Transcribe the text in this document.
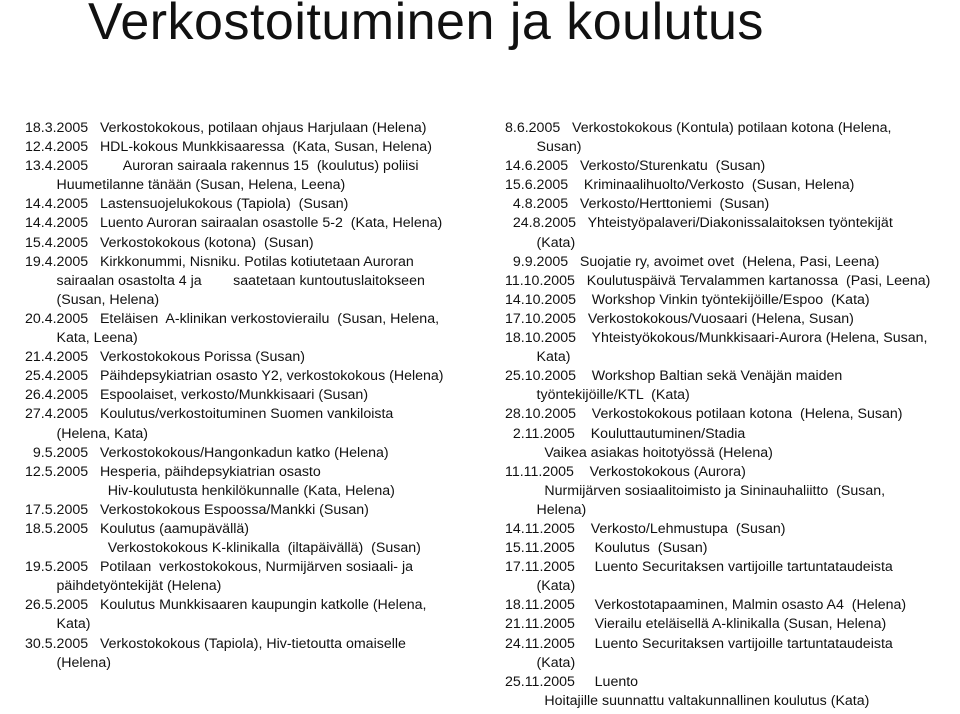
Verkostoituminen ja koulutus
18.3.2005   Verkostokokous, potilaan ohjaus Harjulaan (Helena)
12.4.2005   HDL-kokous Munkkisaaressa  (Kata, Susan, Helena)
13.4.2005         Auroran sairaala rakennus 15  (koulutus) poliisi
Huumetilanne tänään (Susan, Helena, Leena)
14.4.2005   Lastensuojelukokous (Tapiola)  (Susan)
14.4.2005   Luento Auroran sairaalan osastolle 5-2  (Kata, Helena)
15.4.2005   Verkostokokous (kotona)  (Susan)
19.4.2005   Kirkkonummi, Nisniku. Potilas kotiutetaan Auroran
sairaalan osastolta 4 ja        saatetaan kuntoutuslaitokseen
(Susan, Helena)
20.4.2005   Eteläisen  A-klinikan verkostovierailu  (Susan, Helena,
Kata, Leena)
21.4.2005   Verkostokokous Porissa (Susan)
25.4.2005   Päihdepsykiatrian osasto Y2, verkostokokous (Helena)
26.4.2005   Espoolaiset, verkosto/Munkkisaari (Susan)
27.4.2005   Koulutus/verkostoituminen Suomen vankiloista
(Helena, Kata)
9.5.2005   Verkostokokous/Hangonkadun katko (Helena)
12.5.2005   Hesperia, päihdepsykiatrian osasto
Hiv-koulutusta henkilökunnalle (Kata, Helena)
17.5.2005   Verkostokokous Espoossa/Mankki (Susan)
18.5.2005   Koulutus (aamupävällä)
Verkostokokous K-klinikalla  (iltapäivällä)  (Susan)
19.5.2005   Potilaan  verkostokokous, Nurmijärven sosiaali- ja
päihdetyöntekijät (Helena)
26.5.2005   Koulutus Munkkisaaren kaupungin katkolle (Helena,
Kata)
30.5.2005   Verkostokokous (Tapiola), Hiv-tietoutta omaiselle
(Helena)
8.6.2005   Verkostokokous (Kontula) potilaan kotona (Helena,
Susan)
14.6.2005   Verkosto/Sturenkatu  (Susan)
15.6.2005    Kriminaalihuolto/Verkosto  (Susan, Helena)
4.8.2005   Verkosto/Herttoniemi  (Susan)
24.8.2005   Yhteistyöpalaveri/Diakonissalaitoksen työntekijät
(Kata)
9.9.2005   Suojatie ry, avoimet ovet  (Helena, Pasi, Leena)
11.10.2005   Koulutuspäivä Tervalammen kartanossa  (Pasi, Leena)
14.10.2005    Workshop Vinkin työntekijöille/Espoo  (Kata)
17.10.2005   Verkostokokous/Vuosaari (Helena, Susan)
18.10.2005    Yhteistyökokous/Munkkisaari-Aurora (Helena, Susan,
Kata)
25.10.2005    Workshop Baltian sekä Venäjän maiden
työntekijöille/KTL  (Kata)
28.10.2005    Verkostokokous potilaan kotona  (Helena, Susan)
2.11.2005    Kouluttautuminen/Stadia
Vaikea asiakas hoitotyössä (Helena)
11.11.2005    Verkostokokous (Aurora)
Nurmijärven sosiaalitoimisto ja Sininauhaliitto  (Susan,
Helena)
14.11.2005    Verkosto/Lehmustupa  (Susan)
15.11.2005     Koulutus  (Susan)
17.11.2005     Luento Securitaksen vartijoille tartuntataudeista
(Kata)
18.11.2005     Verkostotapaaminen, Malmin osasto A4  (Helena)
21.11.2005     Vierailu eteläisellä A-klinikalla (Susan, Helena)
24.11.2005     Luento Securitaksen vartijoille tartuntataudeista
(Kata)
25.11.2005     Luento
Hoitajille suunnattu valtakunnallinen koulutus (Kata)
